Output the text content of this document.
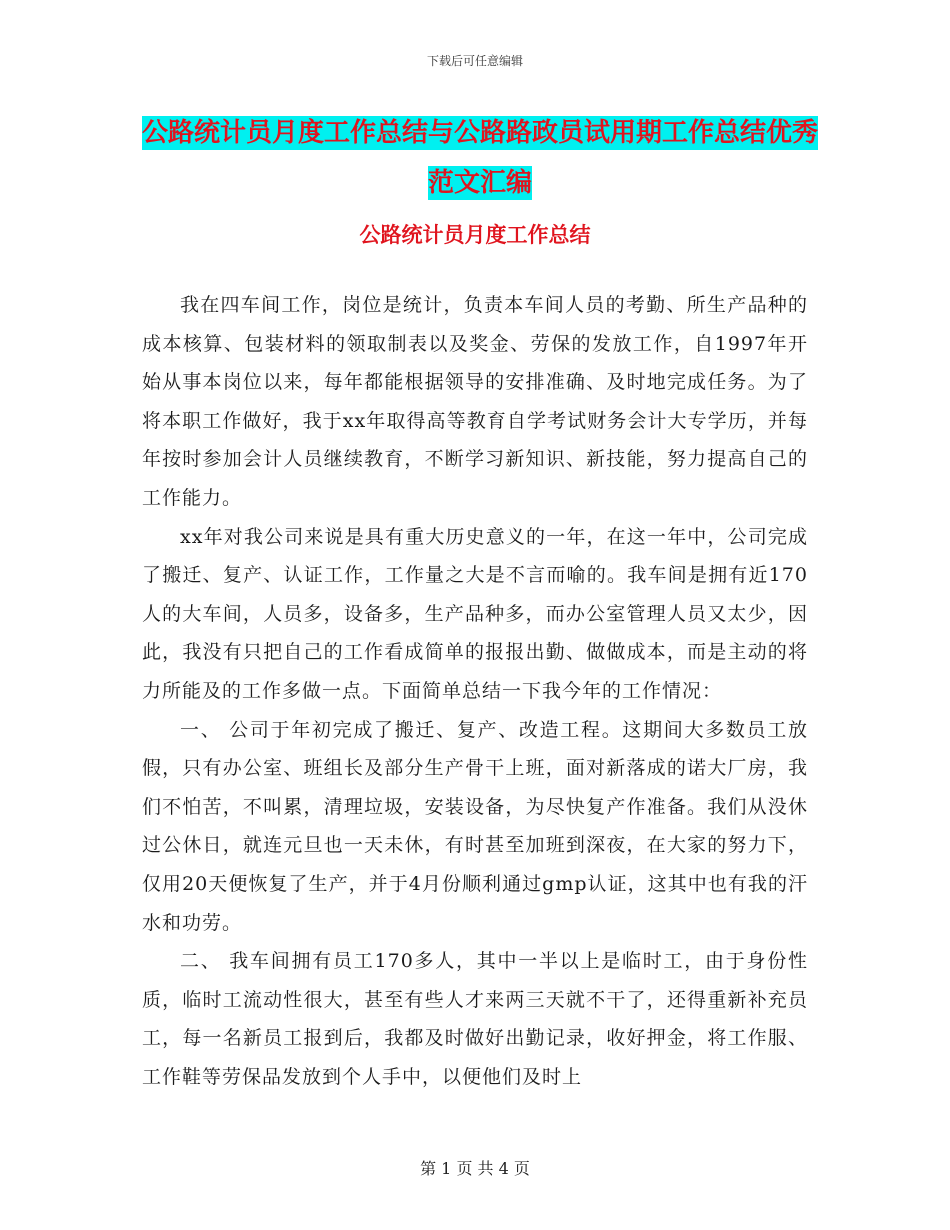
下载后可任意编辑
公路统计员月度工作总结与公路路政员试用期工作总结优秀范文汇编
公路统计员月度工作总结

我在四车间工作，岗位是统计，负责本车间人员的考勤、所生产品种的成本核算、包装材料的领取制表以及奖金、劳保的发放工作，自1997年开始从事本岗位以来，每年都能根据领导的安排准确、及时地完成任务。为了将本职工作做好，我于xx年取得高等教育自学考试财务会计大专学历，并每年按时参加会计人员继续教育，不断学习新知识、新技能，努力提高自己的工作能力。

xx年对我公司来说是具有重大历史意义的一年，在这一年中，公司完成了搬迁、复产、认证工作，工作量之大是不言而喻的。我车间是拥有近170人的大车间，人员多，设备多，生产品种多，而办公室管理人员又太少，因此，我没有只把自己的工作看成简单的报报出勤、做做成本，而是主动的将力所能及的工作多做一点。下面简单总结一下我今年的工作情况：

一、 公司于年初完成了搬迁、复产、改造工程。这期间大多数员工放假，只有办公室、班组长及部分生产骨干上班，面对新落成的诺大厂房，我们不怕苦，不叫累，清理垃圾，安装设备，为尽快复产作准备。我们从没休过公休日，就连元旦也一天未休，有时甚至加班到深夜，在大家的努力下，仅用20天便恢复了生产，并于4月份顺利通过gmp认证，这其中也有我的汗水和功劳。

二、 我车间拥有员工170多人，其中一半以上是临时工，由于身份性质，临时工流动性很大，甚至有些人才来两三天就不干了，还得重新补充员工，每一名新员工报到后，我都及时做好出勤记录，收好押金，将工作服、工作鞋等劳保品发放到个人手中，以便他们及时上

第 1 页 共 4 页
